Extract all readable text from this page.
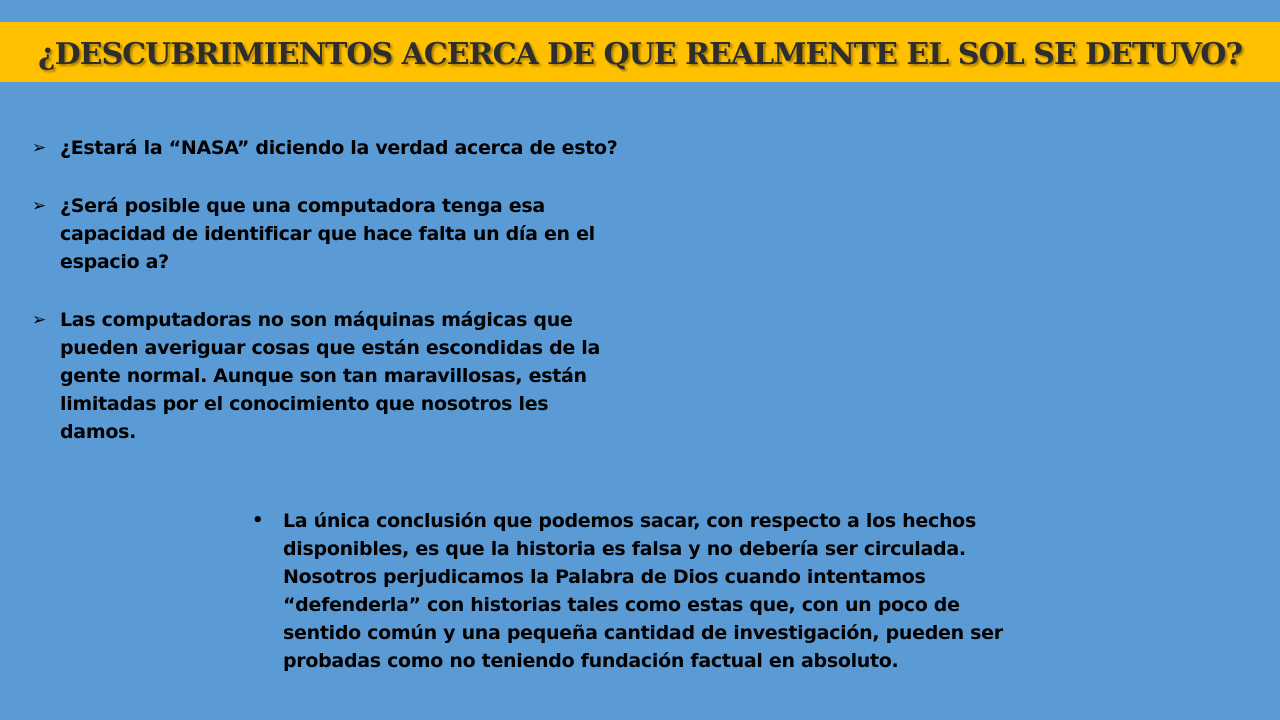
¿DESCUBRIMIENTOS ACERCA DE QUE REALMENTE EL SOL SE DETUVO?
➢ ¿Estará la “NASA” diciendo la verdad acerca de esto?
➢ ¿Será posible que una computadora tenga esa capacidad de identificar que hace falta un día en el espacio a?
➢ Las computadoras no son máquinas mágicas que pueden averiguar cosas que están escondidas de la gente normal. Aunque son tan maravillosas, están limitadas por el conocimiento que nosotros les damos.
• La única conclusión que podemos sacar, con respecto a los hechos disponibles, es que la historia es falsa y no debería ser circulada. Nosotros perjudicamos la Palabra de Dios cuando intentamos “defenderla” con historias tales como estas que, con un poco de sentido común y una pequeña cantidad de investigación, pueden ser probadas como no teniendo fundación factual en absoluto.
